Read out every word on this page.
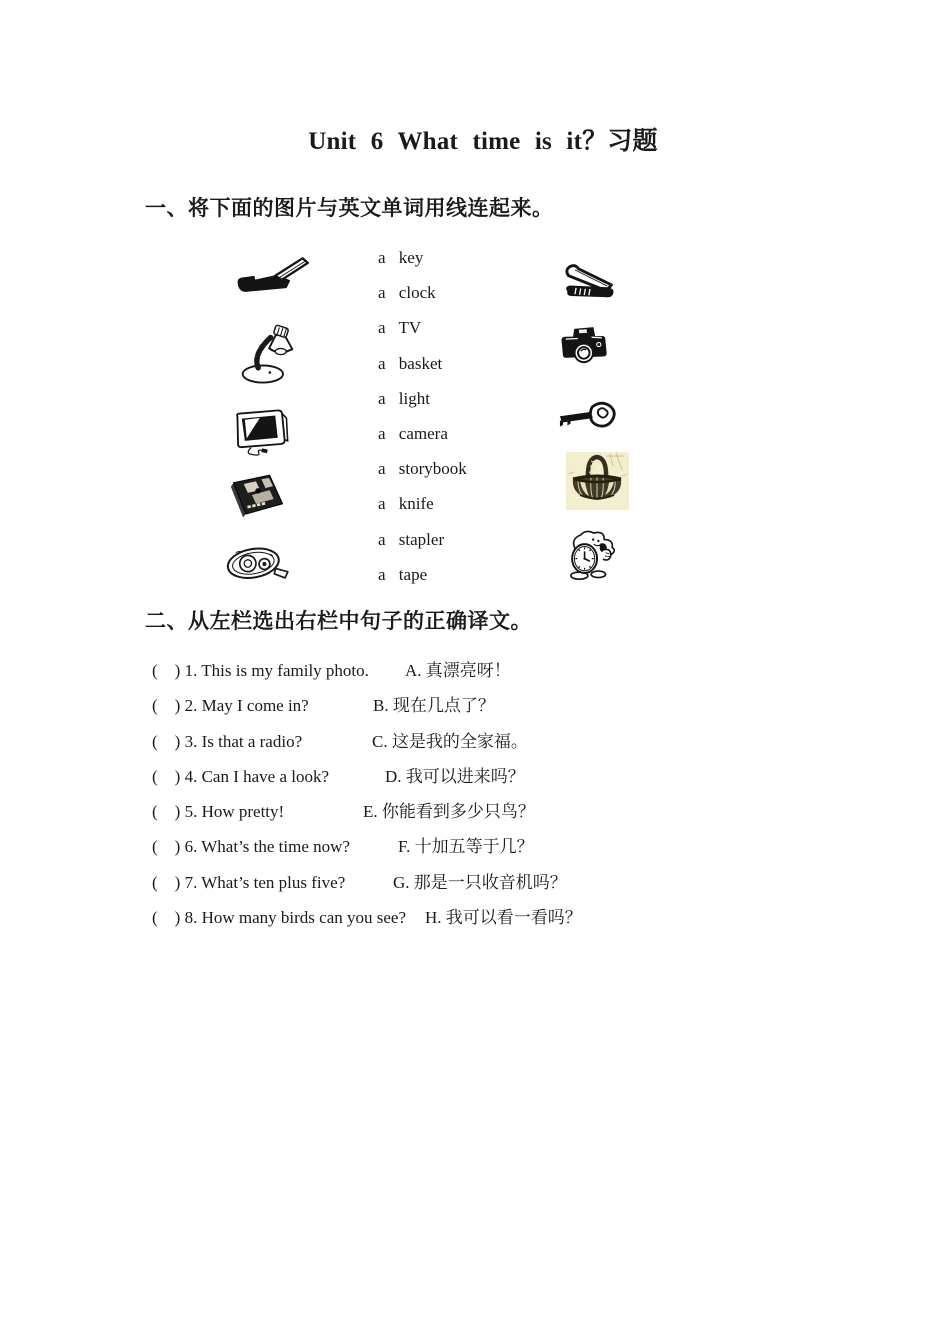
Unit 6 What time is it？习题
一、将下面的图片与英文单词用线连起来。
a key
a clock
a TV
a basket
a light
a camera
a storybook
a knife
a stapler
a tape
二、从左栏选出右栏中句子的正确译文。
(    ) 1. This is my family photo. A. 真漂亮呀！
(    ) 2. May I come in?	B. 现在几点了？
(    ) 3. Is that a radio?	C. 这是我的全家福。
(    ) 4. Can I have a look?	D. 我可以进来吗？
(    ) 5. How pretty!	E. 你能看到多少只鸟？
(    ) 6. What’s the time now?	F. 十加五等于几？
(    ) 7. What’s ten plus five?	G. 那是一只收音机吗？
(    ) 8. How many birds can you see? H. 我可以看一看吗？
